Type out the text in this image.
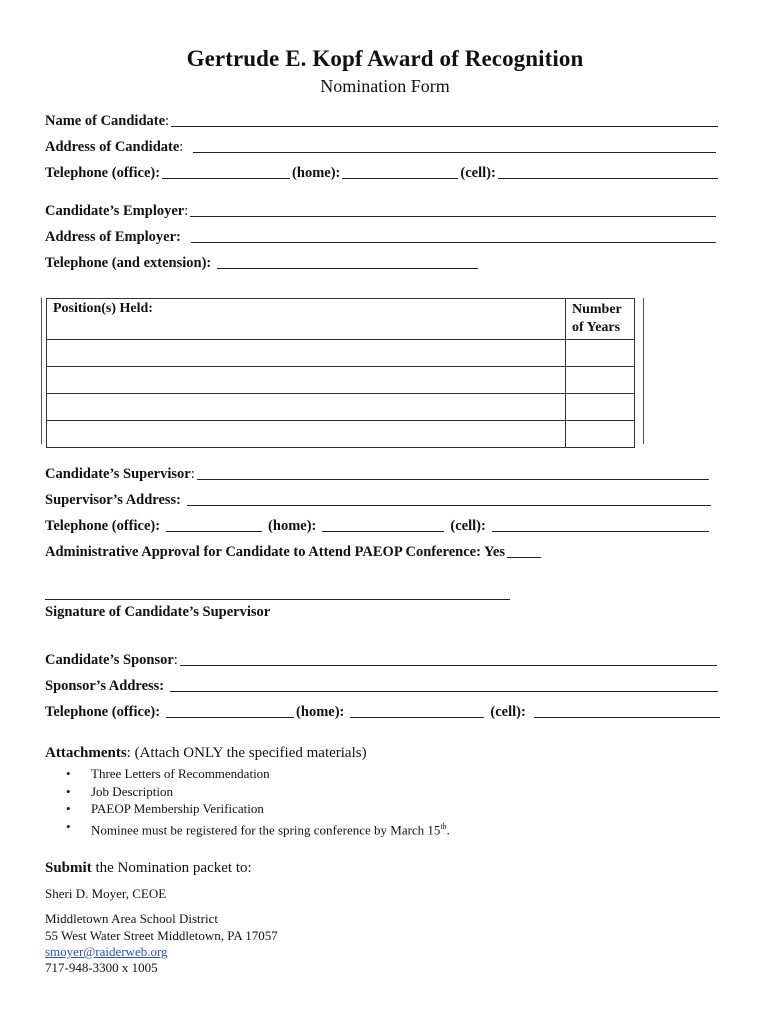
Gertrude E. Kopf Award of Recognition
Nomination Form
Name of Candidate :
Address of Candidate :
Telephone (office):	(home):	(cell):
Candidate’s Employer :
Address of Employer:
Telephone (and extension):
Position(s) Held:	Number
of Years

Candidate’s Supervisor :
Supervisor’s Address:
Telephone (office):	(home):	(cell):
Administrative Approval for Candidate to Attend PAEOP Conference: Yes
Signature of Candidate’s Supervisor
Candidate’s Sponsor :
Sponsor’s Address:
Telephone (office):	(home):	(cell):
Attachments: (Attach ONLY the specified materials)
• Three Letters of Recommendation
• Job Description
• PAEOP Membership Verification
• Nominee must be registered for the spring conference by March 15th.
Submit the Nomination packet to:
Sheri D. Moyer, CEOE
Middletown Area School District
55 West Water Street Middletown, PA 17057
smoyer@raiderweb.org
717-948-3300 x 1005
